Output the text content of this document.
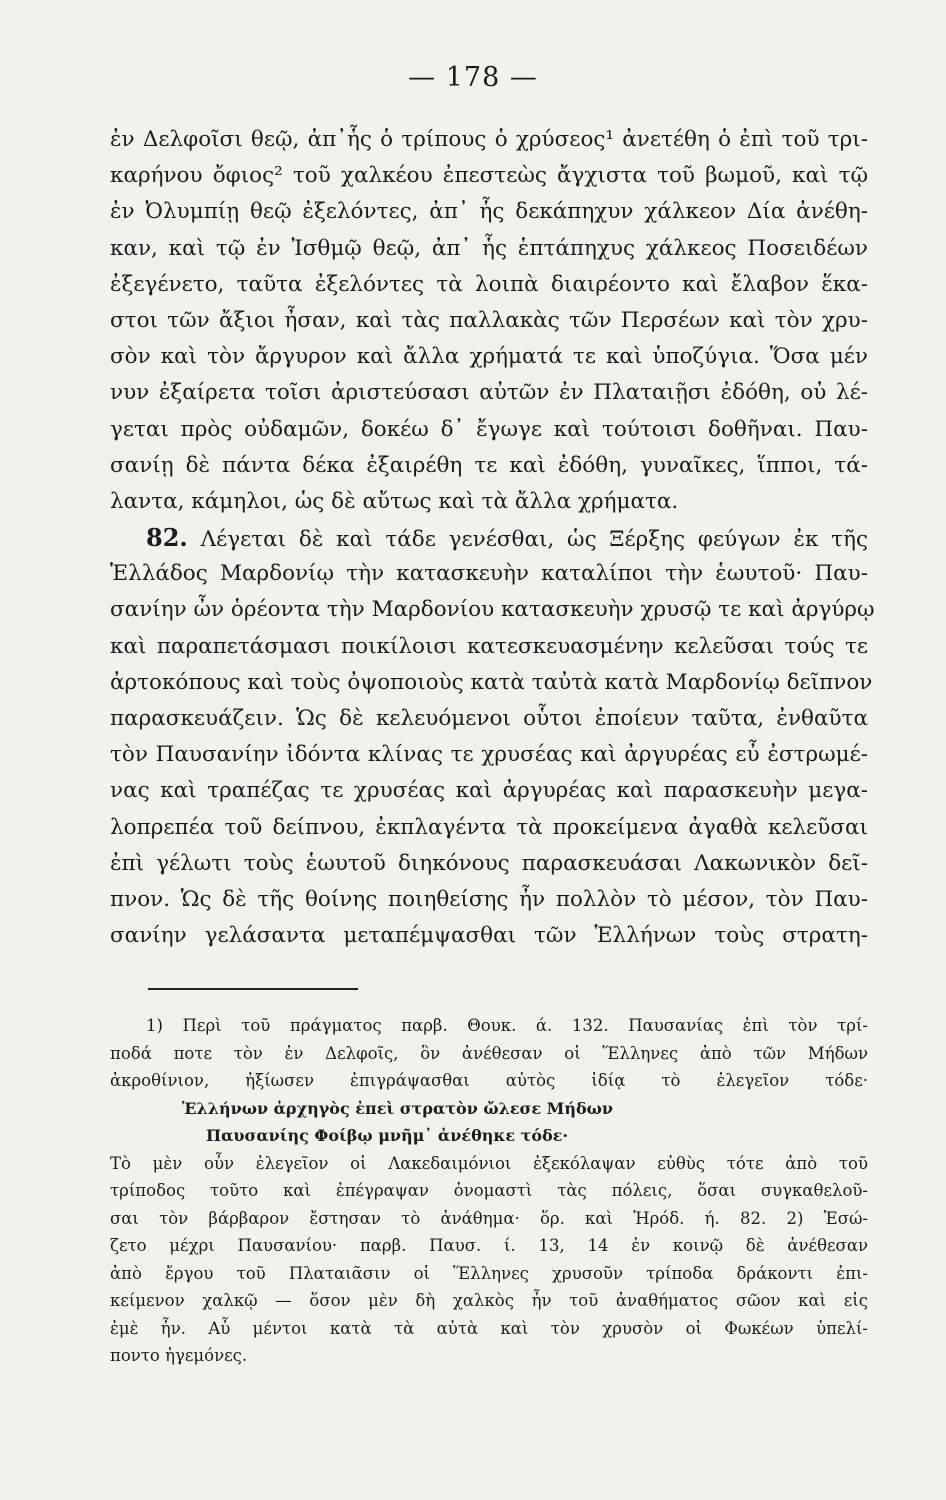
— 178 —
ἐν Δελφοῖσι θεῷ, ἀπ᾽ἧς ὁ τρίπους ὁ χρύσεος¹ ἀνετέθη ὁ ἐπὶ τοῦ τρι-
καρήνου ὄφιος² τοῦ χαλκέου ἐπεστεὼς ἄγχιστα τοῦ βωμοῦ, καὶ τῷ
ἐν Ὀλυμπίῃ θεῷ ἐξελόντες, ἀπ᾽ ἧς δεκάπηχυν χάλκεον Δία ἀνέθη-
καν, καὶ τῷ ἐν Ἰσθμῷ θεῷ, ἀπ᾽ ἧς ἑπτάπηχυς χάλκεος Ποσειδέων
ἐξεγένετο, ταῦτα ἐξελόντες τὰ λοιπὰ διαιρέοντο καὶ ἔλαβον ἕκα-
στοι τῶν ἄξιοι ἦσαν, καὶ τὰς παλλακὰς τῶν Περσέων καὶ τὸν χρυ-
σὸν καὶ τὸν ἄργυρον καὶ ἄλλα χρήματά τε καὶ ὑποζύγια. Ὅσα μέν
νυν ἐξαίρετα τοῖσι ἀριστεύσασι αὐτῶν ἐν Πλαταιῇσι ἐδόθη, οὐ λέ-
γεται πρὸς οὐδαμῶν, δοκέω δ᾽ ἔγωγε καὶ τούτοισι δοθῆναι. Παυ-
σανίῃ δὲ πάντα δέκα ἐξαιρέθη τε καὶ ἐδόθη, γυναῖκες, ἵπποι, τά-
λαντα, κάμηλοι, ὡς δὲ αὔτως καὶ τὰ ἄλλα χρήματα.
82. Λέγεται δὲ καὶ τάδε γενέσθαι, ὡς Ξέρξης φεύγων ἐκ τῆς
Ἑλλάδος Μαρδονίῳ τὴν κατασκευὴν καταλίποι τὴν ἑωυτοῦ· Παυ-
σανίην ὦν ὁρέοντα τὴν Μαρδονίου κατασκευὴν χρυσῷ τε καὶ ἀργύρῳ
καὶ παραπετάσμασι ποικίλοισι κατεσκευασμένην κελεῦσαι τούς τε
ἀρτοκόπους καὶ τοὺς ὀψοποιοὺς κατὰ ταὐτὰ κατὰ Μαρδονίῳ δεῖπνον
παρασκευάζειν. Ὡς δὲ κελευόμενοι οὗτοι ἐποίευν ταῦτα, ἐνθαῦτα
τὸν Παυσανίην ἰδόντα κλίνας τε χρυσέας καὶ ἀργυρέας εὖ ἐστρωμέ-
νας καὶ τραπέζας τε χρυσέας καὶ ἀργυρέας καὶ παρασκευὴν μεγα-
λοπρεπέα τοῦ δείπνου, ἐκπλαγέντα τὰ προκείμενα ἀγαθὰ κελεῦσαι
ἐπὶ γέλωτι τοὺς ἑωυτοῦ διηκόνους παρασκευάσαι Λακωνικὸν δεῖ-
πνον. Ὡς δὲ τῆς θοίνης ποιηθείσης ἦν πολλὸν τὸ μέσον, τὸν Παυ-
σανίην γελάσαντα μεταπέμψασθαι τῶν Ἑλλήνων τοὺς στρατη-
1) Περὶ τοῦ πράγματος παρβ. Θουκ. ά. 132. Παυσανίας ἐπὶ τὸν τρί-
ποδά ποτε τὸν ἐν Δελφοῖς, ὃν ἀνέθεσαν οἱ Ἕλληνες ἀπὸ τῶν Μήδων
ἀκροθίνιον, ἠξίωσεν ἐπιγράψασθαι αὐτὸς ἰδίᾳ τὸ ἐλεγεῖον τόδε·
Ἑλλήνων ἀρχηγὸς ἐπεὶ στρατὸν ὤλεσε Μήδων
Παυσανίης Φοίβῳ μνῆμ᾽ ἀνέθηκε τόδε·
Τὸ μὲν οὖν ἐλεγεῖον οἱ Λακεδαιμόνιοι ἐξεκόλαψαν εὐθὺς τότε ἀπὸ τοῦ
τρίποδος τοῦτο καὶ ἐπέγραψαν ὀνομαστὶ τὰς πόλεις, ὅσαι συγκαθελοῦ-
σαι τὸν βάρβαρον ἔστησαν τὸ ἀνάθημα· ὅρ. καὶ Ἡρόδ. ή. 82. 2) Ἐσώ-
ζετο μέχρι Παυσανίου· παρβ. Παυσ. ί. 13, 14 ἐν κοινῷ δὲ ἀνέθεσαν
ἀπὸ ἔργου τοῦ Πλαταιᾶσιν οἱ Ἕλληνες χρυσοῦν τρίποδα δράκοντι ἐπι-
κείμενον χαλκῷ — ὅσον μὲν δὴ χαλκὸς ἦν τοῦ ἀναθήματος σῶον καὶ εἰς
ἐμὲ ἦν. Αὖ μέντοι κατὰ τὰ αὐτὰ καὶ τὸν χρυσὸν οἱ Φωκέων ὑπελί-
ποντο ἡγεμόνες.
